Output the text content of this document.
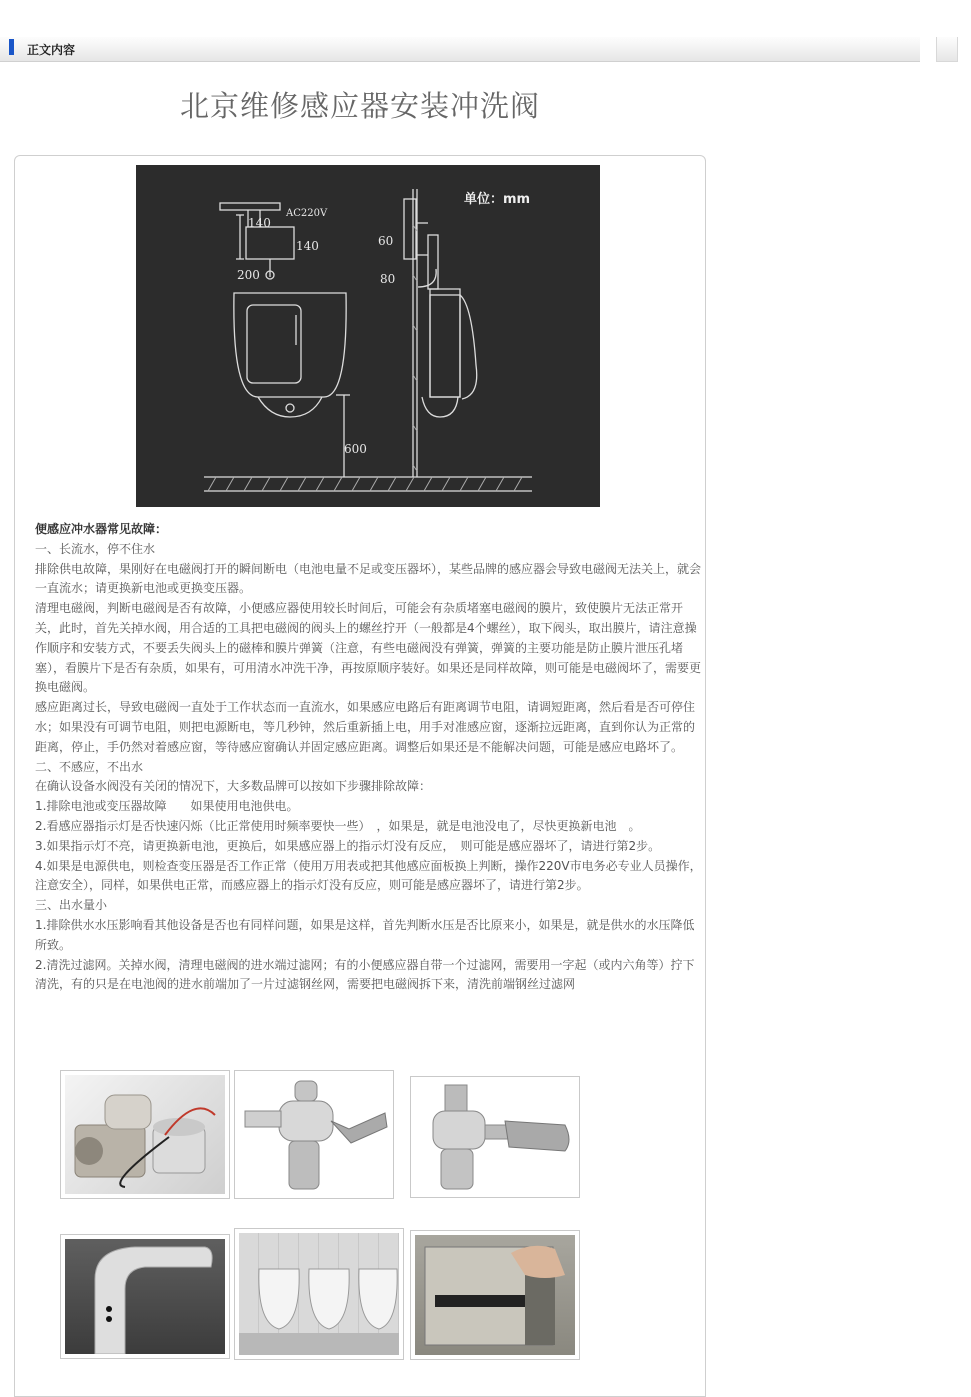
正文内容
北京维修感应器安装冲洗阀
140
140
200
60
80
600
AC220V
单位：mm

便感应冲水器常见故障：

一、长流水，停不住水

排除供电故障，果刚好在电磁阀打开的瞬间断电（电池电量不足或变压器坏），某些品牌的感应器会导致电磁阀无法关上，就会一直流水；请更换新电池或更换变压器。

清理电磁阀，判断电磁阀是否有故障，小便感应器使用较长时间后，可能会有杂质堵塞电磁阀的膜片，致使膜片无法正常开关，此时，首先关掉水阀，用合适的工具把电磁阀的阀头上的螺丝拧开（一般都是4个螺丝），取下阀头，取出膜片，请注意操作顺序和安装方式，不要丢失阀头上的磁棒和膜片弹簧（注意，有些电磁阀没有弹簧，弹簧的主要功能是防止膜片泄压孔堵塞），看膜片下是否有杂质，如果有，可用清水冲洗干净，再按原顺序装好。如果还是同样故障，则可能是电磁阀坏了，需要更换电磁阀。

感应距离过长，导致电磁阀一直处于工作状态而一直流水，如果感应电路后有距离调节电阻，请调短距离，然后看是否可停住水；如果没有可调节电阻，则把电源断电，等几秒钟，然后重新插上电，用手对准感应窗，逐渐拉远距离，直到你认为正常的距离，停止，手仍然对着感应窗，等待感应窗确认并固定感应距离。调整后如果还是不能解决问题，可能是感应电路坏了。

二、不感应，不出水

在确认设备水阀没有关闭的情况下，大多数品牌可以按如下步骤排除故障：

1.排除电池或变压器故障　　如果使用电池供电。

2.看感应器指示灯是否快速闪烁（比正常使用时频率要快一些）　，如果是，就是电池没电了，尽快更换新电池　。

3.如果指示灯不亮，请更换新电池，更换后，如果感应器上的指示灯没有反应，　则可能是感应器坏了，请进行第2步。

4.如果是电源供电，则检查变压器是否工作正常（使用万用表或把其他感应面板换上判断，操作220V市电务必专业人员操作，注意安全），同样，如果供电正常，而感应器上的指示灯没有反应，则可能是感应器坏了，请进行第2步。

三、出水量小

1.排除供水水压影响看其他设备是否也有同样问题，如果是这样，首先判断水压是否比原来小，如果是，就是供水的水压降低所致。

2.清洗过滤网。关掉水阀，清理电磁阀的进水端过滤网；有的小便感应器自带一个过滤网，需要用一字起（或内六角等）拧下清洗，有的只是在电池阀的进水前端加了一片过滤钢丝网，需要把电磁阀拆下来，清洗前端钢丝过滤网
